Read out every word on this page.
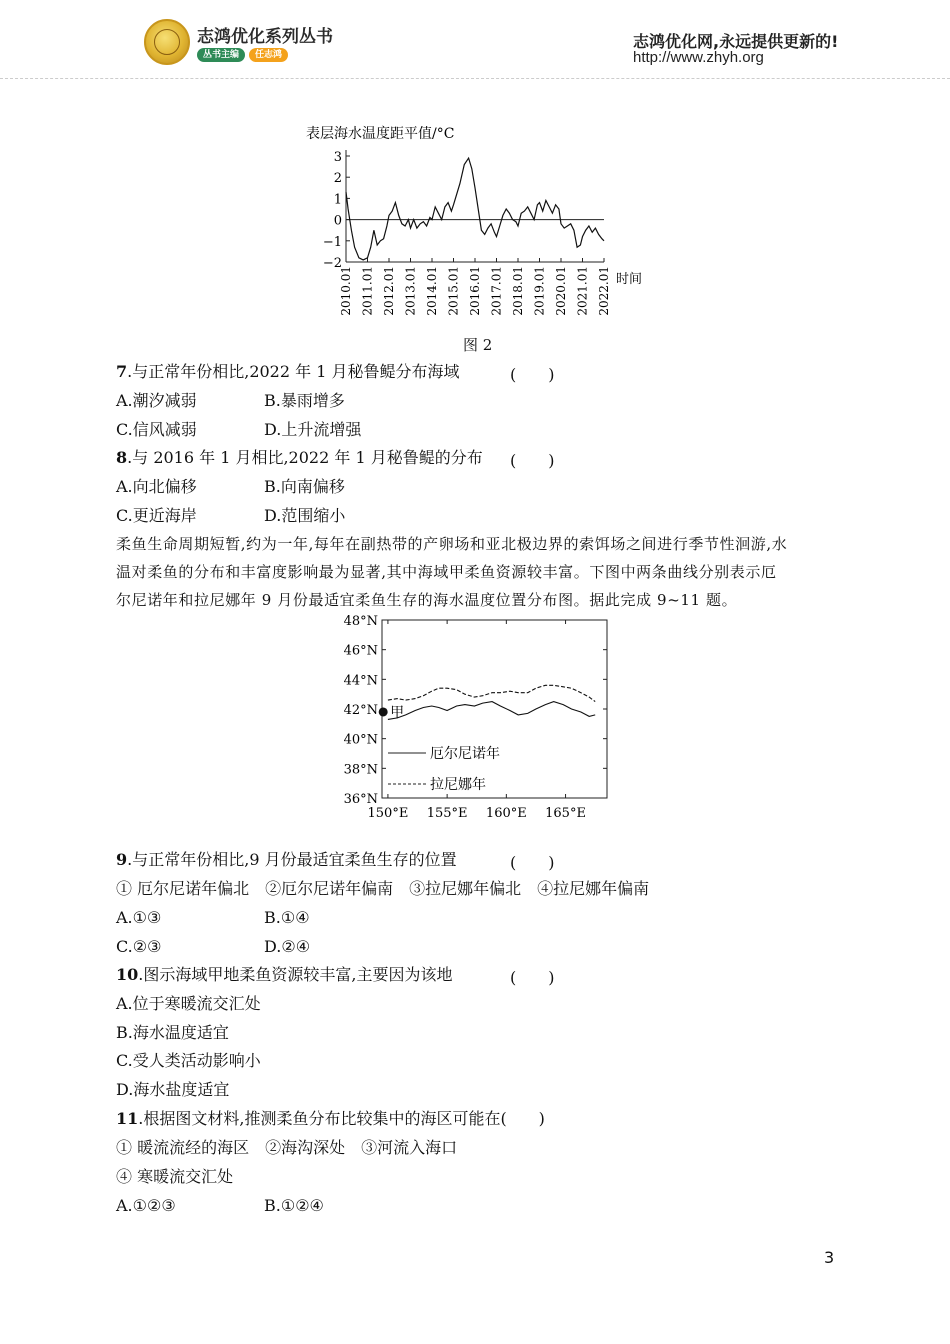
志鸿优化系列丛书
丛书主编	任志鸿
志鸿优化网,永远提供更新的!
http://www.zhyh.org
表层海水温度距平值/°C
3
2
1
0
−1
−2
2010.01 2011.01 2012.01 2013.01 2014.01 2015.01 2016.01 2017.01 2018.01 2019.01 2020.01 2021.01 2022.01 时间
图 2
7.与正常年份相比,2022 年 1 月秘鲁鳀分布海域	(　　)
A.潮汐减弱	B.暴雨增多
C.信风减弱	D.上升流增强
8.与 2016 年 1 月相比,2022 年 1 月秘鲁鳀的分布 (　　)
A.向北偏移	B.向南偏移
C.更近海岸	D.范围缩小
柔鱼生命周期短暂,约为一年,每年在副热带的产卵场和亚北极边界的索饵场之间进行季节性洄游,水
温对柔鱼的分布和丰富度影响最为显著,其中海域甲柔鱼资源较丰富。下图中两条曲线分别表示厄
尔尼诺年和拉尼娜年 9 月份最适宜柔鱼生存的海水温度位置分布图。据此完成 9~11 题。
48°N
46°N
44°N
42°N
40°N
38°N
36°N
150°E 155°E 160°E 165°E
甲
厄尔尼诺年
拉尼娜年
9.与正常年份相比,9 月份最适宜柔鱼生存的位置	(　　)
① 厄尔尼诺年偏北　②厄尔尼诺年偏南　③拉尼娜年偏北　④拉尼娜年偏南
A.①③	B.①④
C.②③	D.②④
10.图示海域甲地柔鱼资源较丰富,主要因为该地	(　　)
A.位于寒暖流交汇处
B.海水温度适宜
C.受人类活动影响小
D.海水盐度适宜
11.根据图文材料,推测柔鱼分布比较集中的海区可能在(　　)
① 暖流流经的海区　②海沟深处　③河流入海口
④ 寒暖流交汇处
A.①②③	B.①②④
3
